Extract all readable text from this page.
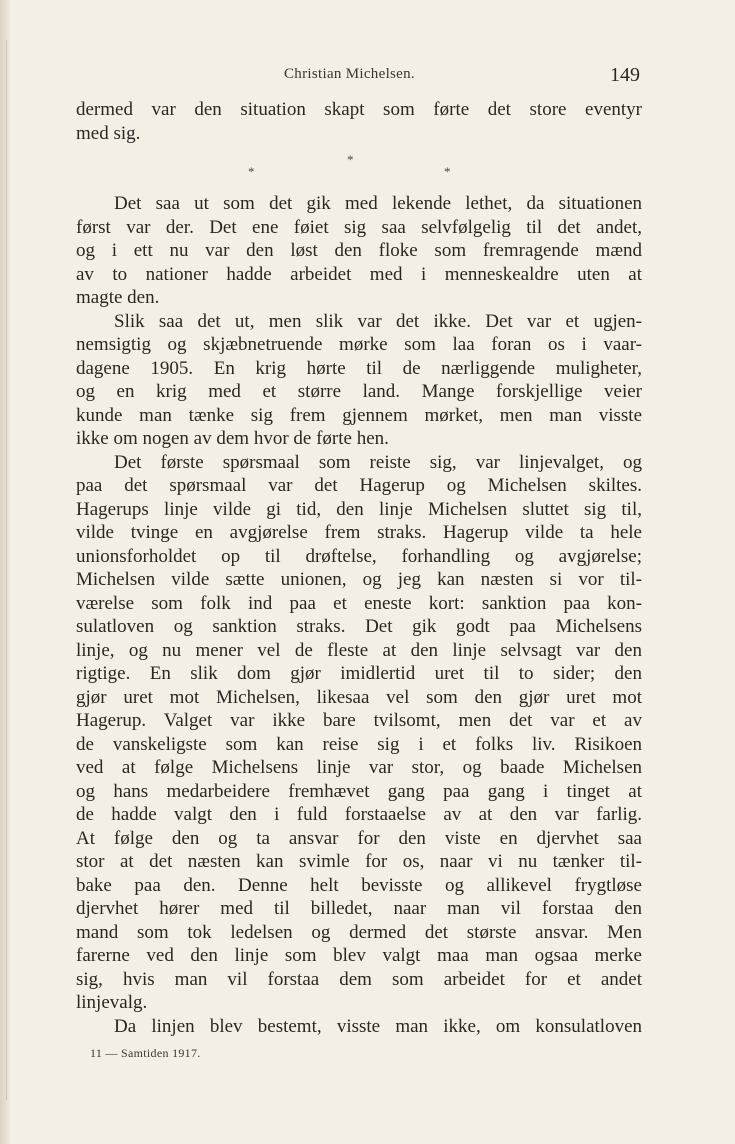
Christian Michelsen.	149
dermed var den situation skapt som førte det store eventyr
med sig.
*
*	*
Det saa ut som det gik med lekende lethet, da situationen
først var der. Det ene føiet sig saa selvfølgelig til det andet,
og i ett nu var den løst den floke som fremragende mænd
av to nationer hadde arbeidet med i menneskealdre uten at
magte den.
Slik saa det ut, men slik var det ikke. Det var et ugjen-
nemsigtig og skjæbnetruende mørke som laa foran os i vaar-
dagene 1905. En krig hørte til de nærliggende muligheter,
og en krig med et større land. Mange forskjellige veier
kunde man tænke sig frem gjennem mørket, men man visste
ikke om nogen av dem hvor de førte hen.
Det første spørsmaal som reiste sig, var linjevalget, og
paa det spørsmaal var det Hagerup og Michelsen skiltes.
Hagerups linje vilde gi tid, den linje Michelsen sluttet sig til,
vilde tvinge en avgjørelse frem straks. Hagerup vilde ta hele
unionsforholdet op til drøftelse, forhandling og avgjørelse;
Michelsen vilde sætte unionen, og jeg kan næsten si vor til-
værelse som folk ind paa et eneste kort: sanktion paa kon-
sulatloven og sanktion straks. Det gik godt paa Michelsens
linje, og nu mener vel de fleste at den linje selvsagt var den
rigtige. En slik dom gjør imidlertid uret til to sider; den
gjør uret mot Michelsen, likesaa vel som den gjør uret mot
Hagerup. Valget var ikke bare tvilsomt, men det var et av
de vanskeligste som kan reise sig i et folks liv. Risikoen
ved at følge Michelsens linje var stor, og baade Michelsen
og hans medarbeidere fremhævet gang paa gang i tinget at
de hadde valgt den i fuld forstaaelse av at den var farlig.
At følge den og ta ansvar for den viste en djervhet saa
stor at det næsten kan svimle for os, naar vi nu tænker til-
bake paa den. Denne helt bevisste og allikevel frygtløse
djervhet hører med til billedet, naar man vil forstaa den
mand som tok ledelsen og dermed det største ansvar. Men
farerne ved den linje som blev valgt maa man ogsaa merke
sig, hvis man vil forstaa dem som arbeidet for et andet
linjevalg.
Da linjen blev bestemt, visste man ikke, om konsulatloven
11 — Samtiden 1917.
